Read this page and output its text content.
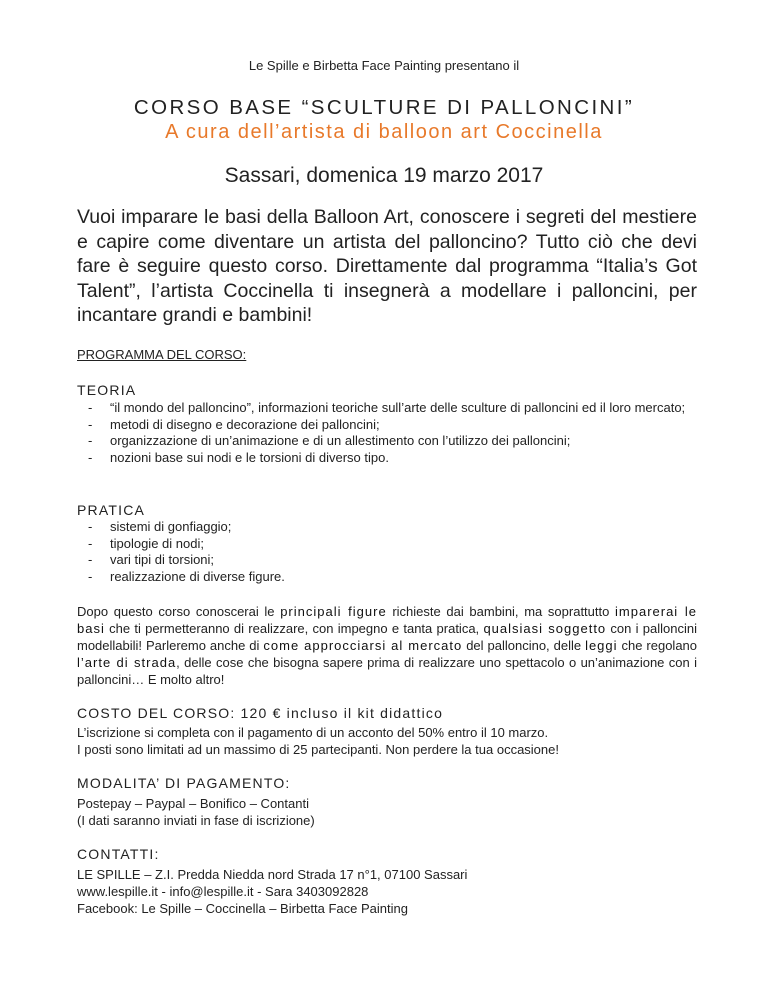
Le Spille e Birbetta Face Painting presentano il
CORSO BASE “SCULTURE DI PALLONCINI”
A cura dell’artista di balloon art Coccinella
Sassari, domenica 19 marzo 2017
Vuoi imparare le basi della Balloon Art, conoscere i segreti del mestiere e capire come diventare un artista del palloncino? Tutto ciò che devi fare è seguire questo corso. Direttamente dal programma “Italia’s Got Talent”, l’artista Coccinella ti insegnerà a modellare i palloncini, per incantare grandi e bambini!
PROGRAMMA DEL CORSO:
TEORIA
- “il mondo del palloncino”, informazioni teoriche sull’arte delle sculture di palloncini ed il loro mercato;
- metodi di disegno e decorazione dei palloncini;
- organizzazione di un’animazione e di un allestimento con l’utilizzo dei palloncini;
- nozioni base sui nodi e le torsioni di diverso tipo.
PRATICA
- sistemi di gonfiaggio;
- tipologie di nodi;
- vari tipi di torsioni;
- realizzazione di diverse figure.
Dopo questo corso conoscerai le principali figure richieste dai bambini, ma soprattutto imparerai le basi che ti permetteranno di realizzare, con impegno e tanta pratica, qualsiasi soggetto con i palloncini modellabili! Parleremo anche di come approcciarsi al mercato del palloncino, delle leggi che regolano l’arte di strada, delle cose che bisogna sapere prima di realizzare uno spettacolo o un’animazione con i palloncini… E molto altro!
COSTO DEL CORSO: 120 € incluso il kit didattico
L’iscrizione si completa con il pagamento di un acconto del 50% entro il 10 marzo.
I posti sono limitati ad un massimo di 25 partecipanti. Non perdere la tua occasione!
MODALITA’ DI PAGAMENTO:
Postepay – Paypal – Bonifico – Contanti
(I dati saranno inviati in fase di iscrizione)
CONTATTI:
LE SPILLE – Z.I. Predda Niedda nord Strada 17 n°1, 07100 Sassari
www.lespille.it - info@lespille.it - Sara 3403092828
Facebook: Le Spille – Coccinella – Birbetta Face Painting
